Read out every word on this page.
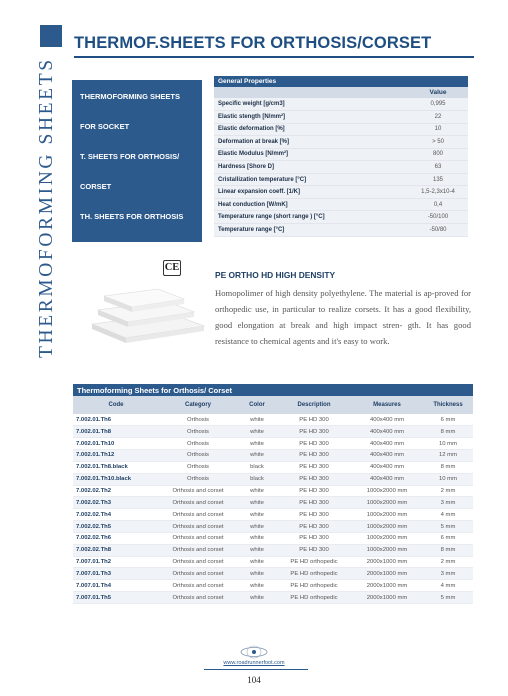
THERMOF.SHEETS FOR ORTHOSIS/CORSET
THERMOFORMING SHEETS	THERMOFORMING SHEETS
FOR SOCKET
T. SHEETS FOR ORTHOSIS/
CORSET
TH. SHEETS FOR ORTHOSIS
TH. SHEETS FOR ORTHOSIS/
BRACE/CORSET
General Properties	
	Value
Specific weight [g/cm3]	0,995
Elastic stength [N/mm²]	22
Elastic deformation [%]	10
Deformation at break [%]	> 50
Elastic Modulus [N/mm²]	800
Hardness [Shore D]	63
Cristallization temperature [°C]	135
Linear expansion coeff. [1/K]	1,5-2,3x10-4
Heat conduction [W/mK]	0,4
Temperature range (short range ) [°C]	-50/100
Temperature range [°C]	-50/80
CE
PE ORTHO HD HIGH DENSITY
Homopolimer of high density polyethylene. The material is ap-proved for orthopedic use, in particular to realize corsets. It has a good flexibility, good elongation at break and high impact stren- gth. It has good resistance to chemical agents and it's easy to work.
Thermoforming Sheets for Orthosis/ Corset					
Code	Category	Color	Description	Measures	Thickness
7.002.01.Th6	Orthosis	white	PE HD 300	400x400 mm	6 mm
7.002.01.Th8	Orthosis	white	PE HD 300	400x400 mm	8 mm
7.002.01.Th10	Orthosis	white	PE HD 300	400x400 mm	10 mm
7.002.01.Th12	Orthosis	white	PE HD 300	400x400 mm	12 mm
7.002.01.Th8.black	Orthosis	black	PE HD 300	400x400 mm	8 mm
7.002.01.Th10.black	Orthosis	black	PE HD 300	400x400 mm	10 mm
7.002.02.Th2	Orthosis and corset	white	PE HD 300	1000x2000 mm	2 mm
7.002.02.Th3	Orthosis and corset	white	PE HD 300	1000x2000 mm	3 mm
7.002.02.Th4	Orthosis and corset	white	PE HD 300	1000x2000 mm	4 mm
7.002.02.Th5	Orthosis and corset	white	PE HD 300	1000x2000 mm	5 mm
7.002.02.Th6	Orthosis and corset	white	PE HD 300	1000x2000 mm	6 mm
7.002.02.Th8	Orthosis and corset	white	PE HD 300	1000x2000 mm	8 mm
7.007.01.Th2	Orthosis and corset	white	PE HD orthopedic	2000x1000 mm	2 mm
7.007.01.Th3	Orthosis and corset	white	PE HD orthopedic	2000x1000 mm	3 mm
7.007.01.Th4	Orthosis and corset	white	PE HD orthopedic	2000x1000 mm	4 mm
7.007.01.Th5	Orthosis and corset	white	PE HD orthopedic	2000x1000 mm	5 mm
www.roadrunnerfoot.com
104
